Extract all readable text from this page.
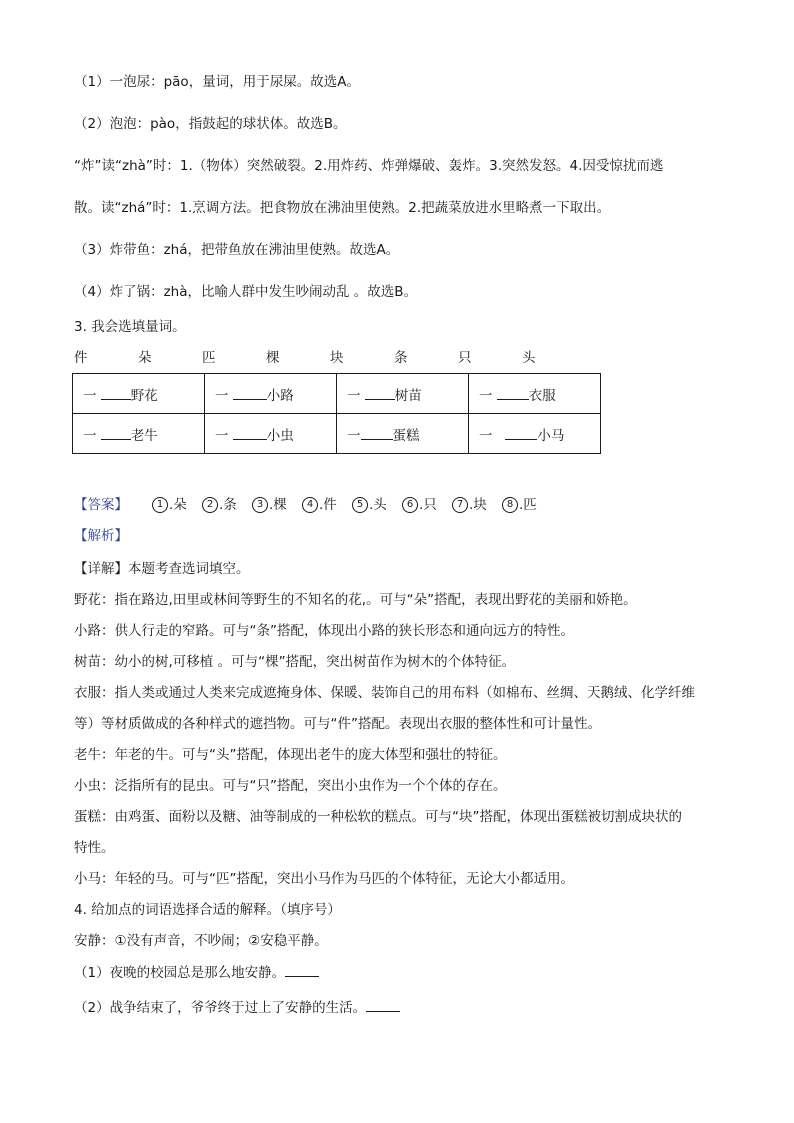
（1）一泡尿：pāo，量词，用于尿屎。故选A。
（2）泡泡：pào，指鼓起的球状体。故选B。
“炸”读“zhà”时：1.（物体）突然破裂。2.用炸药、炸弹爆破、轰炸。3.突然发怒。4.因受惊扰而逃
散。读“zhá”时：1.烹调方法。把食物放在沸油里使熟。2.把蔬菜放进水里略煮一下取出。
（3）炸带鱼：zhá，把带鱼放在沸油里使熟。故选A。
（4）炸了锅：zhà，比喻人群中发生吵闹动乱 。故选B。
3. 我会选填量词。
件	朵	匹	棵	块	条	只	头
一 野花	一 小路	一 树苗	一 衣服
一 老牛	一 小虫	一 蛋糕	一 小马
【答案】	1 .朵 2 .条 3 .棵 4 .件 5 .头 6 .只 7 .块 8 .匹
【解析】
【详解】本题考查选词填空。
野花：指在路边,田里或林间等野生的不知名的花,。可与“朵”搭配，表现出野花的美丽和娇艳。
小路：供人行走的窄路。可与“条”搭配，体现出小路的狭长形态和通向远方的特性。
树苗：幼小的树,可移植 。可与“棵”搭配，突出树苗作为树木的个体特征。
衣服：指人类或通过人类来完成遮掩身体、保暖、装饰自己的用布料（如棉布、丝绸、天鹅绒、化学纤维
等）等材质做成的各种样式的遮挡物。可与“件”搭配。表现出衣服的整体性和可计量性。
老牛：年老的牛。可与“头”搭配，体现出老牛的庞大体型和强壮的特征。
小虫：泛指所有的昆虫。可与“只”搭配，突出小虫作为一个个体的存在。
蛋糕：由鸡蛋、面粉以及糖、油等制成的一种松软的糕点。可与“块”搭配，体现出蛋糕被切割成块状的
特性。
小马：年轻的马。可与“匹”搭配，突出小马作为马匹的个体特征，无论大小都适用。
4. 给加点的词语选择合适的解释。（填序号）
安静：①没有声音，不吵闹；②安稳平静。
（1）夜晚的校园总是那么地安静。
（2）战争结束了，爷爷终于过上了安静的生活。
